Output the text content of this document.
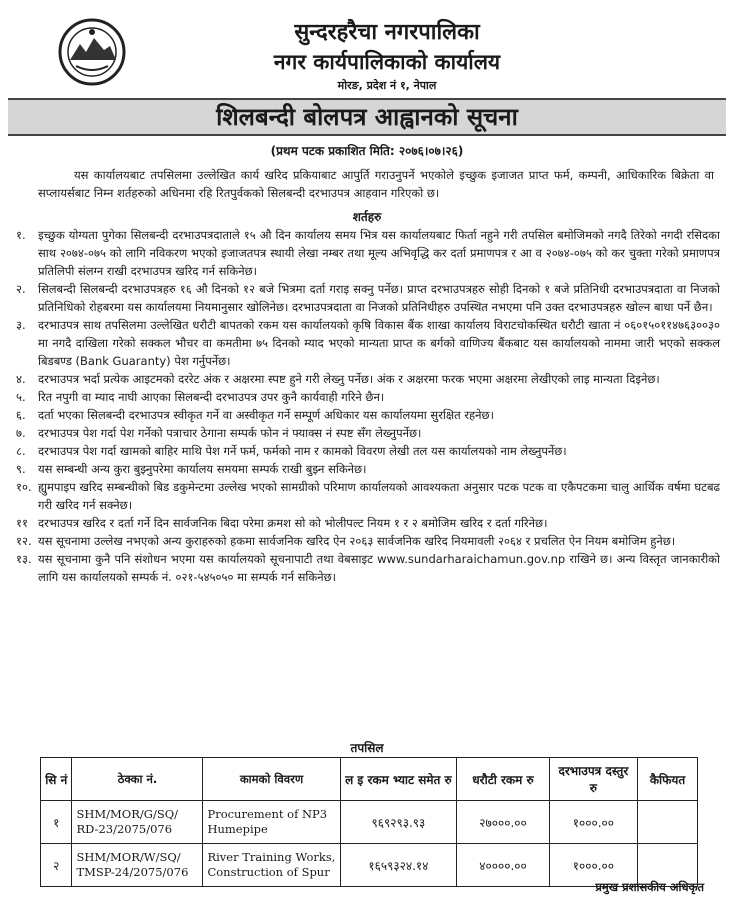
सुन्दरहरैचा नगरपालिका
नगर कार्यपालिकाको कार्यालय
मोरङ, प्रदेश नं १, नेपाल
शिलबन्दी बोलपत्र आह्वानको सूचना
(प्रथम पटक प्रकाशित मिति: २०७६।०७।२६)
यस कार्यालयबाट तपसिलमा उल्लेखित कार्य खरिद प्रकियाबाट आपुर्ति गराउनुपर्ने भएकोले इच्छुक इजाजत प्राप्त फर्म, कम्पनी, आधिकारिक बिक्रेता वा सप्लायर्सबाट निम्न शर्तहरुको अधिनमा रहि रितपुर्वकको सिलबन्दी दरभाउपत्र आहवान गरिएको छ।
शर्तहरु
१. इच्छुक योग्यता पुगेका सिलबन्दी दरभाउपत्रदाताले १५ औ दिन कार्यालय समय भित्र यस कार्यालयबाट फिर्ता नहुने गरी तपसिल बमोजिमको नगदै तिरेको नगदी रसिदका साथ २०७४-०७५ को लागि नविकरण भएको इजाजतपत्र स्थायी लेखा नम्बर तथा मूल्य अभिवृद्धि कर दर्ता प्रमाणपत्र र आ व २०७४-०७५ को कर चुक्ता गरेको प्रमाणपत्र प्रतिलिपी संलग्न राखी दरभाउपत्र खरिद गर्न सकिनेछ।
२. सिलबन्दी सिलबन्दी दरभाउपत्रहरु १६ औ दिनको १२ बजे भित्रमा दर्ता गराइ सक्नु पर्नेछ। प्राप्त दरभाउपत्रहरु सोही दिनको १ बजे प्रतिनिधी दरभाउपत्रदाता वा निजको प्रतिनिधिको रोहबरमा यस कार्यालयमा नियमानुसार खोलिनेछ। दरभाउपत्रदाता वा निजको प्रतिनिधीहरु उपस्थित नभएमा पनि उक्त दरभाउपत्रहरु खोल्न बाधा पर्ने छैन।
३. दरभाउपत्र साथ तपसिलमा उल्लेखित धरौटी बापतको रकम यस कार्यालयको कृषि विकास बैंक शाखा कार्यालय विराटचोकस्थित धरौटी खाता नं ०६०१५०११४७६३००३० मा नगदै दाखिला गरेको सक्कल भौचर वा कमतीमा ७५ दिनको म्याद भएको मान्यता प्राप्त क बर्गको वाणिज्य बैंकबाट यस कार्यालयको नाममा जारी भएको सक्कल बिडबण्ड (Bank Guaranty) पेश गर्नुपर्नेछ।
४. दरभाउपत्र भर्दा प्रत्येक आइटमको दररेट अंक र अक्षरमा स्पष्ट हुने गरी लेख्नु पर्नेछ। अंक र अक्षरमा फरक भएमा अक्षरमा लेखीएको लाइ मान्यता दिइनेछ।
५. रित नपुगी वा म्याद नाघी आएका सिलबन्दी दरभाउपत्र उपर कुनै कार्यवाही गरिने छैन।
६. दर्ता भएका सिलबन्दी दरभाउपत्र स्वीकृत गर्ने वा अस्वीकृत गर्ने सम्पूर्ण अधिकार यस कार्यालयमा सुरक्षित रहनेछ।
७. दरभाउपत्र पेश गर्दा पेश गर्नेको पत्राचार ठेगाना सम्पर्क फोन नं फ्याक्स नं स्पष्ट सँग लेख्नुपर्नेछ।
८. दरभाउपत्र पेश गर्दा खामको बाहिर माथि पेश गर्ने फर्म, फर्मको नाम र कामको विवरण लेखी तल यस कार्यालयको नाम लेख्नुपर्नेछ।
९. यस सम्बन्धी अन्य कुरा बुझ्नुपरेमा कार्यालय समयमा सम्पर्क राखी बुझ्न सकिनेछ।
१०. ह्युमपाइप खरिद सम्बन्धीको बिड डकुमेन्टमा उल्लेख भएको सामग्रीको परिमाण कार्यालयको आवश्यकता अनुसार पटक पटक वा एकैपटकमा चालु आर्थिक वर्षमा घटबढ गरी खरिद गर्न सक्नेछ।
११ दरभाउपत्र खरिद र दर्ता गर्ने दिन सार्वजनिक बिदा परेमा क्रमश सो को भोलीपल्ट नियम १ र २ बमोजिम खरिद र दर्ता गरिनेछ।
१२. यस सूचनामा उल्लेख नभएको अन्य कुराहरुको हकमा सार्वजनिक खरिद ऐन २०६३ सार्वजनिक खरिद नियमावली २०६४ र प्रचलित ऐन नियम बमोजिम हुनेछ।
१३. यस सूचनामा कुनै पनि संशोधन भएमा यस कार्यालयको सूचनापाटी तथा वेबसाइट www.sundarharaichamun.gov.np राखिने छ। अन्य विस्तृत जानकारीको लागि यस कार्यालयको सम्पर्क नं. ०२१-५४५०५० मा सम्पर्क गर्न सकिनेछ।
तपसिल
सि नं	ठेक्का नं.	कामको विवरण	ल इ रकम भ्याट समेत रु	धरौटी रकम रु	दरभाउपत्र दस्तुर रु	कैफियत
१	SHM/MOR/G/SQ/ RD-23/2075/076	Procurement of NP3 Humepipe	९६९२९३.९३	२७०००.००	१०००.००	
२	SHM/MOR/W/SQ/ TMSP-24/2075/076	River Training Works, Construction of Spur	१६५९३२४.१४	४००००.००	१०००.००	
प्रमुख प्रशासकीय अधिकृत
